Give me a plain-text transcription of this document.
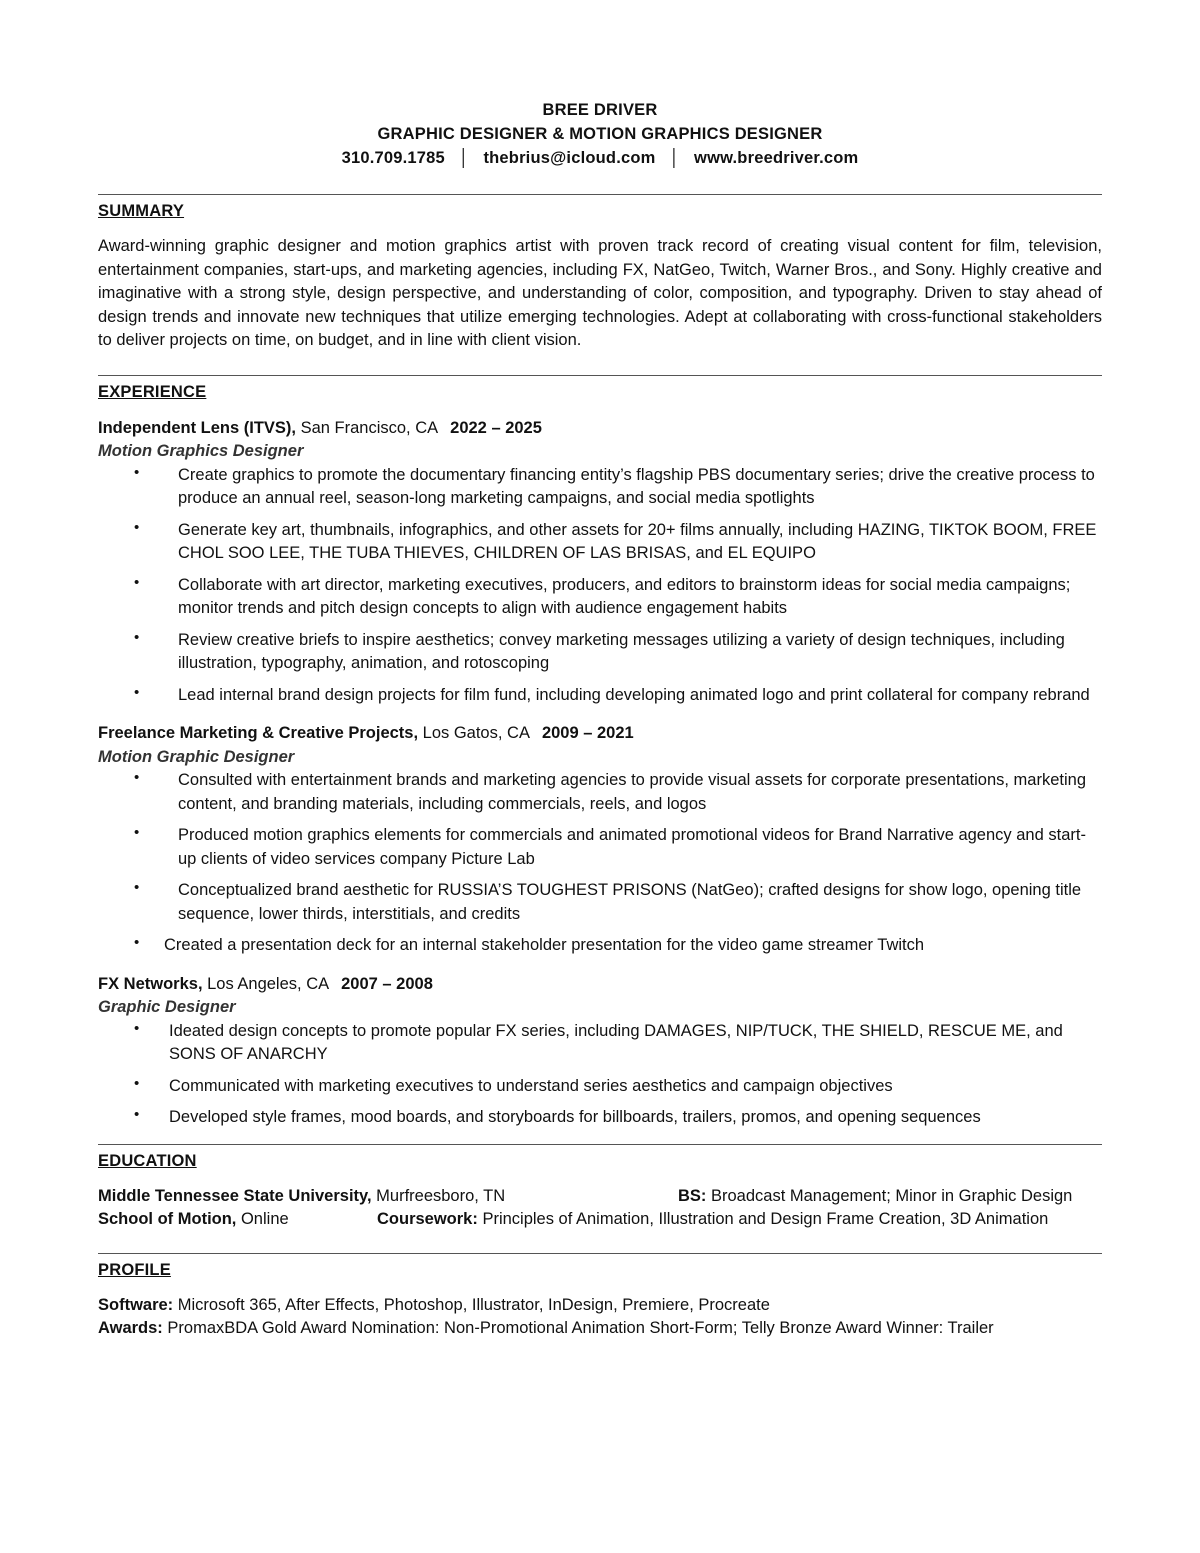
BREE DRIVER
GRAPHIC DESIGNER & MOTION GRAPHICS DESIGNER
310.709.1785 │ thebrius@icloud.com │ www.breedriver.com
SUMMARY
Award-winning graphic designer and motion graphics artist with proven track record of creating visual content for film, television, entertainment companies, start-ups, and marketing agencies, including FX, NatGeo, Twitch, Warner Bros., and Sony. Highly creative and imaginative with a strong style, design perspective, and understanding of color, composition, and typography. Driven to stay ahead of design trends and innovate new techniques that utilize emerging technologies. Adept at collaborating with cross-functional stakeholders to deliver projects on time, on budget, and in line with client vision.
EXPERIENCE
Independent Lens (ITVS), San Francisco, CA 2022 – 2025
Motion Graphics Designer
• Create graphics to promote the documentary financing entity’s flagship PBS documentary series; drive the creative process to produce an annual reel, season-long marketing campaigns, and social media spotlights
• Generate key art, thumbnails, infographics, and other assets for 20+ films annually, including HAZING, TIKTOK BOOM, FREE CHOL SOO LEE, THE TUBA THIEVES, CHILDREN OF LAS BRISAS, and EL EQUIPO
• Collaborate with art director, marketing executives, producers, and editors to brainstorm ideas for social media campaigns; monitor trends and pitch design concepts to align with audience engagement habits
• Review creative briefs to inspire aesthetics; convey marketing messages utilizing a variety of design techniques, including illustration, typography, animation, and rotoscoping
• Lead internal brand design projects for film fund, including developing animated logo and print collateral for company rebrand
Freelance Marketing & Creative Projects, Los Gatos, CA 2009 – 2021
Motion Graphic Designer
• Consulted with entertainment brands and marketing agencies to provide visual assets for corporate presentations, marketing content, and branding materials, including commercials, reels, and logos
• Produced motion graphics elements for commercials and animated promotional videos for Brand Narrative agency and start-up clients of video services company Picture Lab
• Conceptualized brand aesthetic for RUSSIA’S TOUGHEST PRISONS (NatGeo); crafted designs for show logo, opening title sequence, lower thirds, interstitials, and credits
• Created a presentation deck for an internal stakeholder presentation for the video game streamer Twitch
FX Networks, Los Angeles, CA 2007 – 2008
Graphic Designer
• Ideated design concepts to promote popular FX series, including DAMAGES, NIP/TUCK, THE SHIELD, RESCUE ME, and SONS OF ANARCHY
• Communicated with marketing executives to understand series aesthetics and campaign objectives
• Developed style frames, mood boards, and storyboards for billboards, trailers, promos, and opening sequences
EDUCATION
Middle Tennessee State University, Murfreesboro, TN	BS: Broadcast Management; Minor in Graphic Design
School of Motion, Online	Coursework: Principles of Animation, Illustration and Design Frame Creation, 3D Animation
PROFILE
Software: Microsoft 365, After Effects, Photoshop, Illustrator, InDesign, Premiere, Procreate
Awards: PromaxBDA Gold Award Nomination: Non-Promotional Animation Short-Form; Telly Bronze Award Winner: Trailer
